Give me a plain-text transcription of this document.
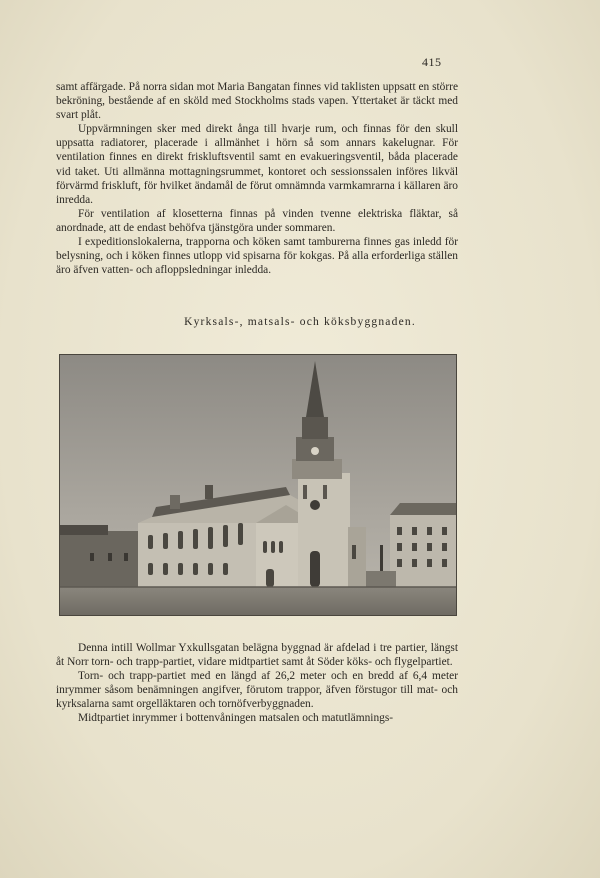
415

samt affärgade. På norra sidan mot Maria Bangatan finnes vid taklisten uppsatt en större bekröning, bestående af en sköld med Stockholms stads vapen. Yttertaket är täckt med svart plåt.

Uppvärmningen sker med direkt ånga till hvarje rum, och finnas för den skull uppsatta radiatorer, placerade i allmänhet i hörn så som annars kakelugnar. För ventilation finnes en direkt friskluftsventil samt en evakueringsventil, båda placerade vid taket. Uti allmänna mottagningsrummet, kontoret och sessionssalen införes likväl förvärmd friskluft, för hvilket ändamål de förut omnämnda varmkamrarna i källaren äro inredda.

För ventilation af klosetterna finnas på vinden tvenne elektriska fläktar, så anordnade, att de endast behöfva tjänstgöra under sommaren.

I expeditionslokalerna, trapporna och köken samt tamburerna finnes gas inledd för belysning, och i köken finnes utlopp vid spisarna för kokgas. På alla erforderliga ställen äro äfven vatten- och afloppsledningar inledda.

Kyrksals-, matsals- och köksbyggnaden.

Denna intill Wollmar Yxkullsgatan belägna byggnad är afdelad i tre partier, längst åt Norr torn- och trapp-partiet, vidare midtpartiet samt åt Söder köks- och flygelpartiet.

Torn- och trapp-partiet med en längd af 26,2 meter och en bredd af 6,4 meter inrymmer såsom benämningen angifver, förutom trappor, äfven förstugor till mat- och kyrksalarna samt orgelläktaren och tornöfverbyggnaden.

Midtpartiet inrymmer i bottenvåningen matsalen och matutlämnings-
